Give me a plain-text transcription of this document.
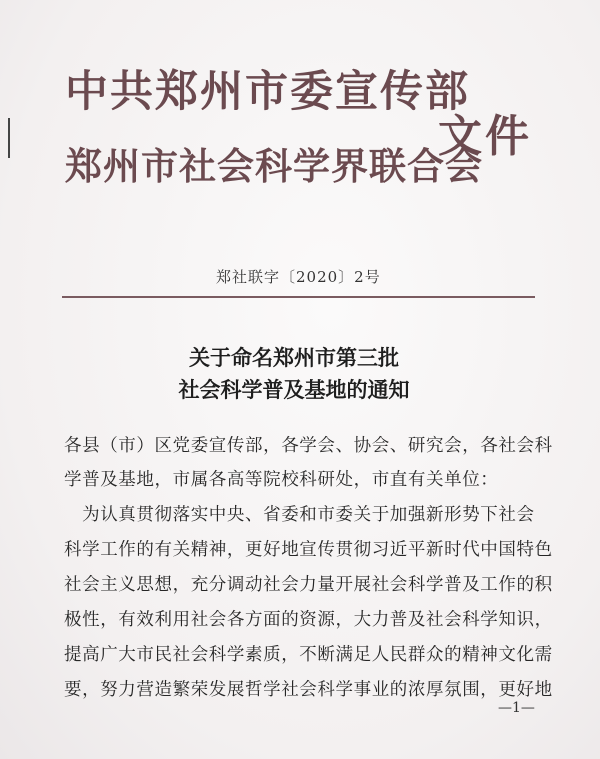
中共郑州市委宣传部
郑州市社会科学界联合会
文件
郑社联字〔2020〕2号
关于命名郑州市第三批
社会科学普及基地的通知
各县（市）区党委宣传部，各学会、协会、研究会，各社会科
学普及基地，市属各高等院校科研处，市直有关单位：
　为认真贯彻落实中央、省委和市委关于加强新形势下社会
科学工作的有关精神，更好地宣传贯彻习近平新时代中国特色
社会主义思想，充分调动社会力量开展社会科学普及工作的积
极性，有效利用社会各方面的资源，大力普及社会科学知识，
提高广大市民社会科学素质，不断满足人民群众的精神文化需
要，努力营造繁荣发展哲学社会科学事业的浓厚氛围，更好地
—1—
